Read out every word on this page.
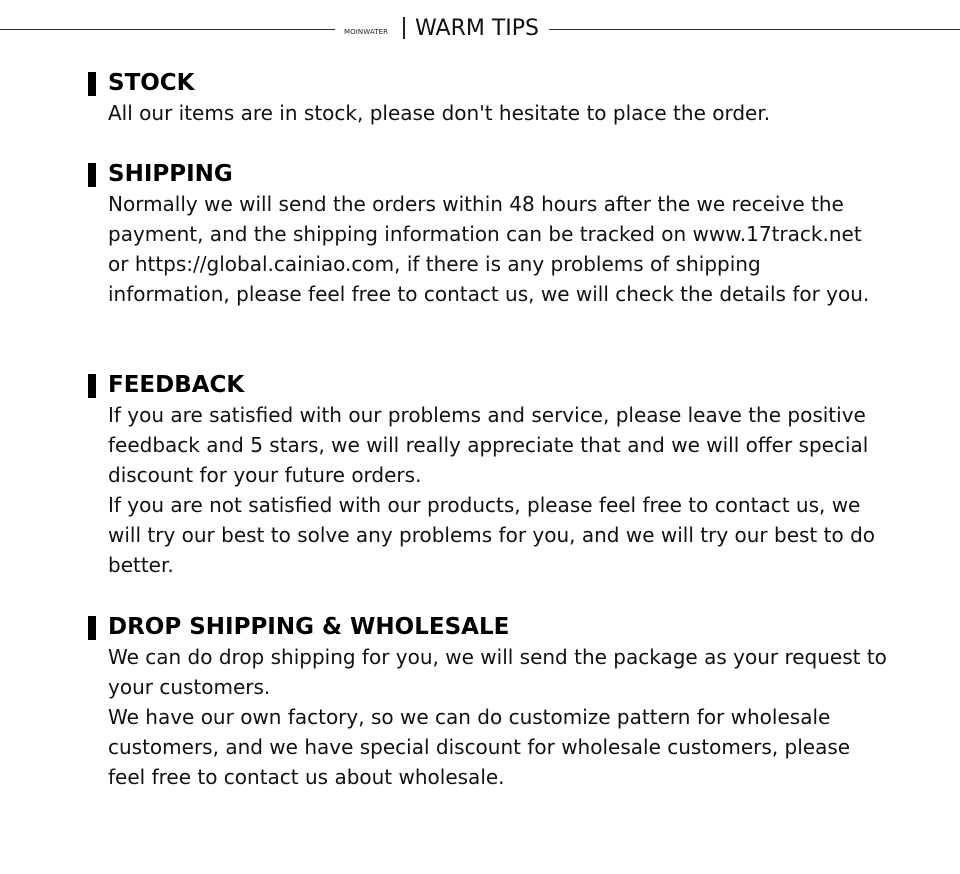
MOINWATER WARM TIPS
STOCK

All our items are in stock, please don't hesitate to place the order.

SHIPPING

Normally we will send the orders within 48 hours after the we receive the payment, and the shipping information can be tracked on www.17track.net or https://global.cainiao.com, if there is any problems of shipping information, please feel free to contact us, we will check the details for you.

FEEDBACK

If you are satisfied with our problems and service, please leave the positive feedback and 5 stars, we will really appreciate that and we will offer special discount for your future orders.

If you are not satisfied with our products, please feel free to contact us, we will try our best to solve any problems for you, and we will try our best to do better.

DROP SHIPPING & WHOLESALE

We can do drop shipping for you, we will send the package as your request to your customers.

We have our own factory, so we can do customize pattern for wholesale customers, and we have special discount for wholesale customers, please feel free to contact us about wholesale.
